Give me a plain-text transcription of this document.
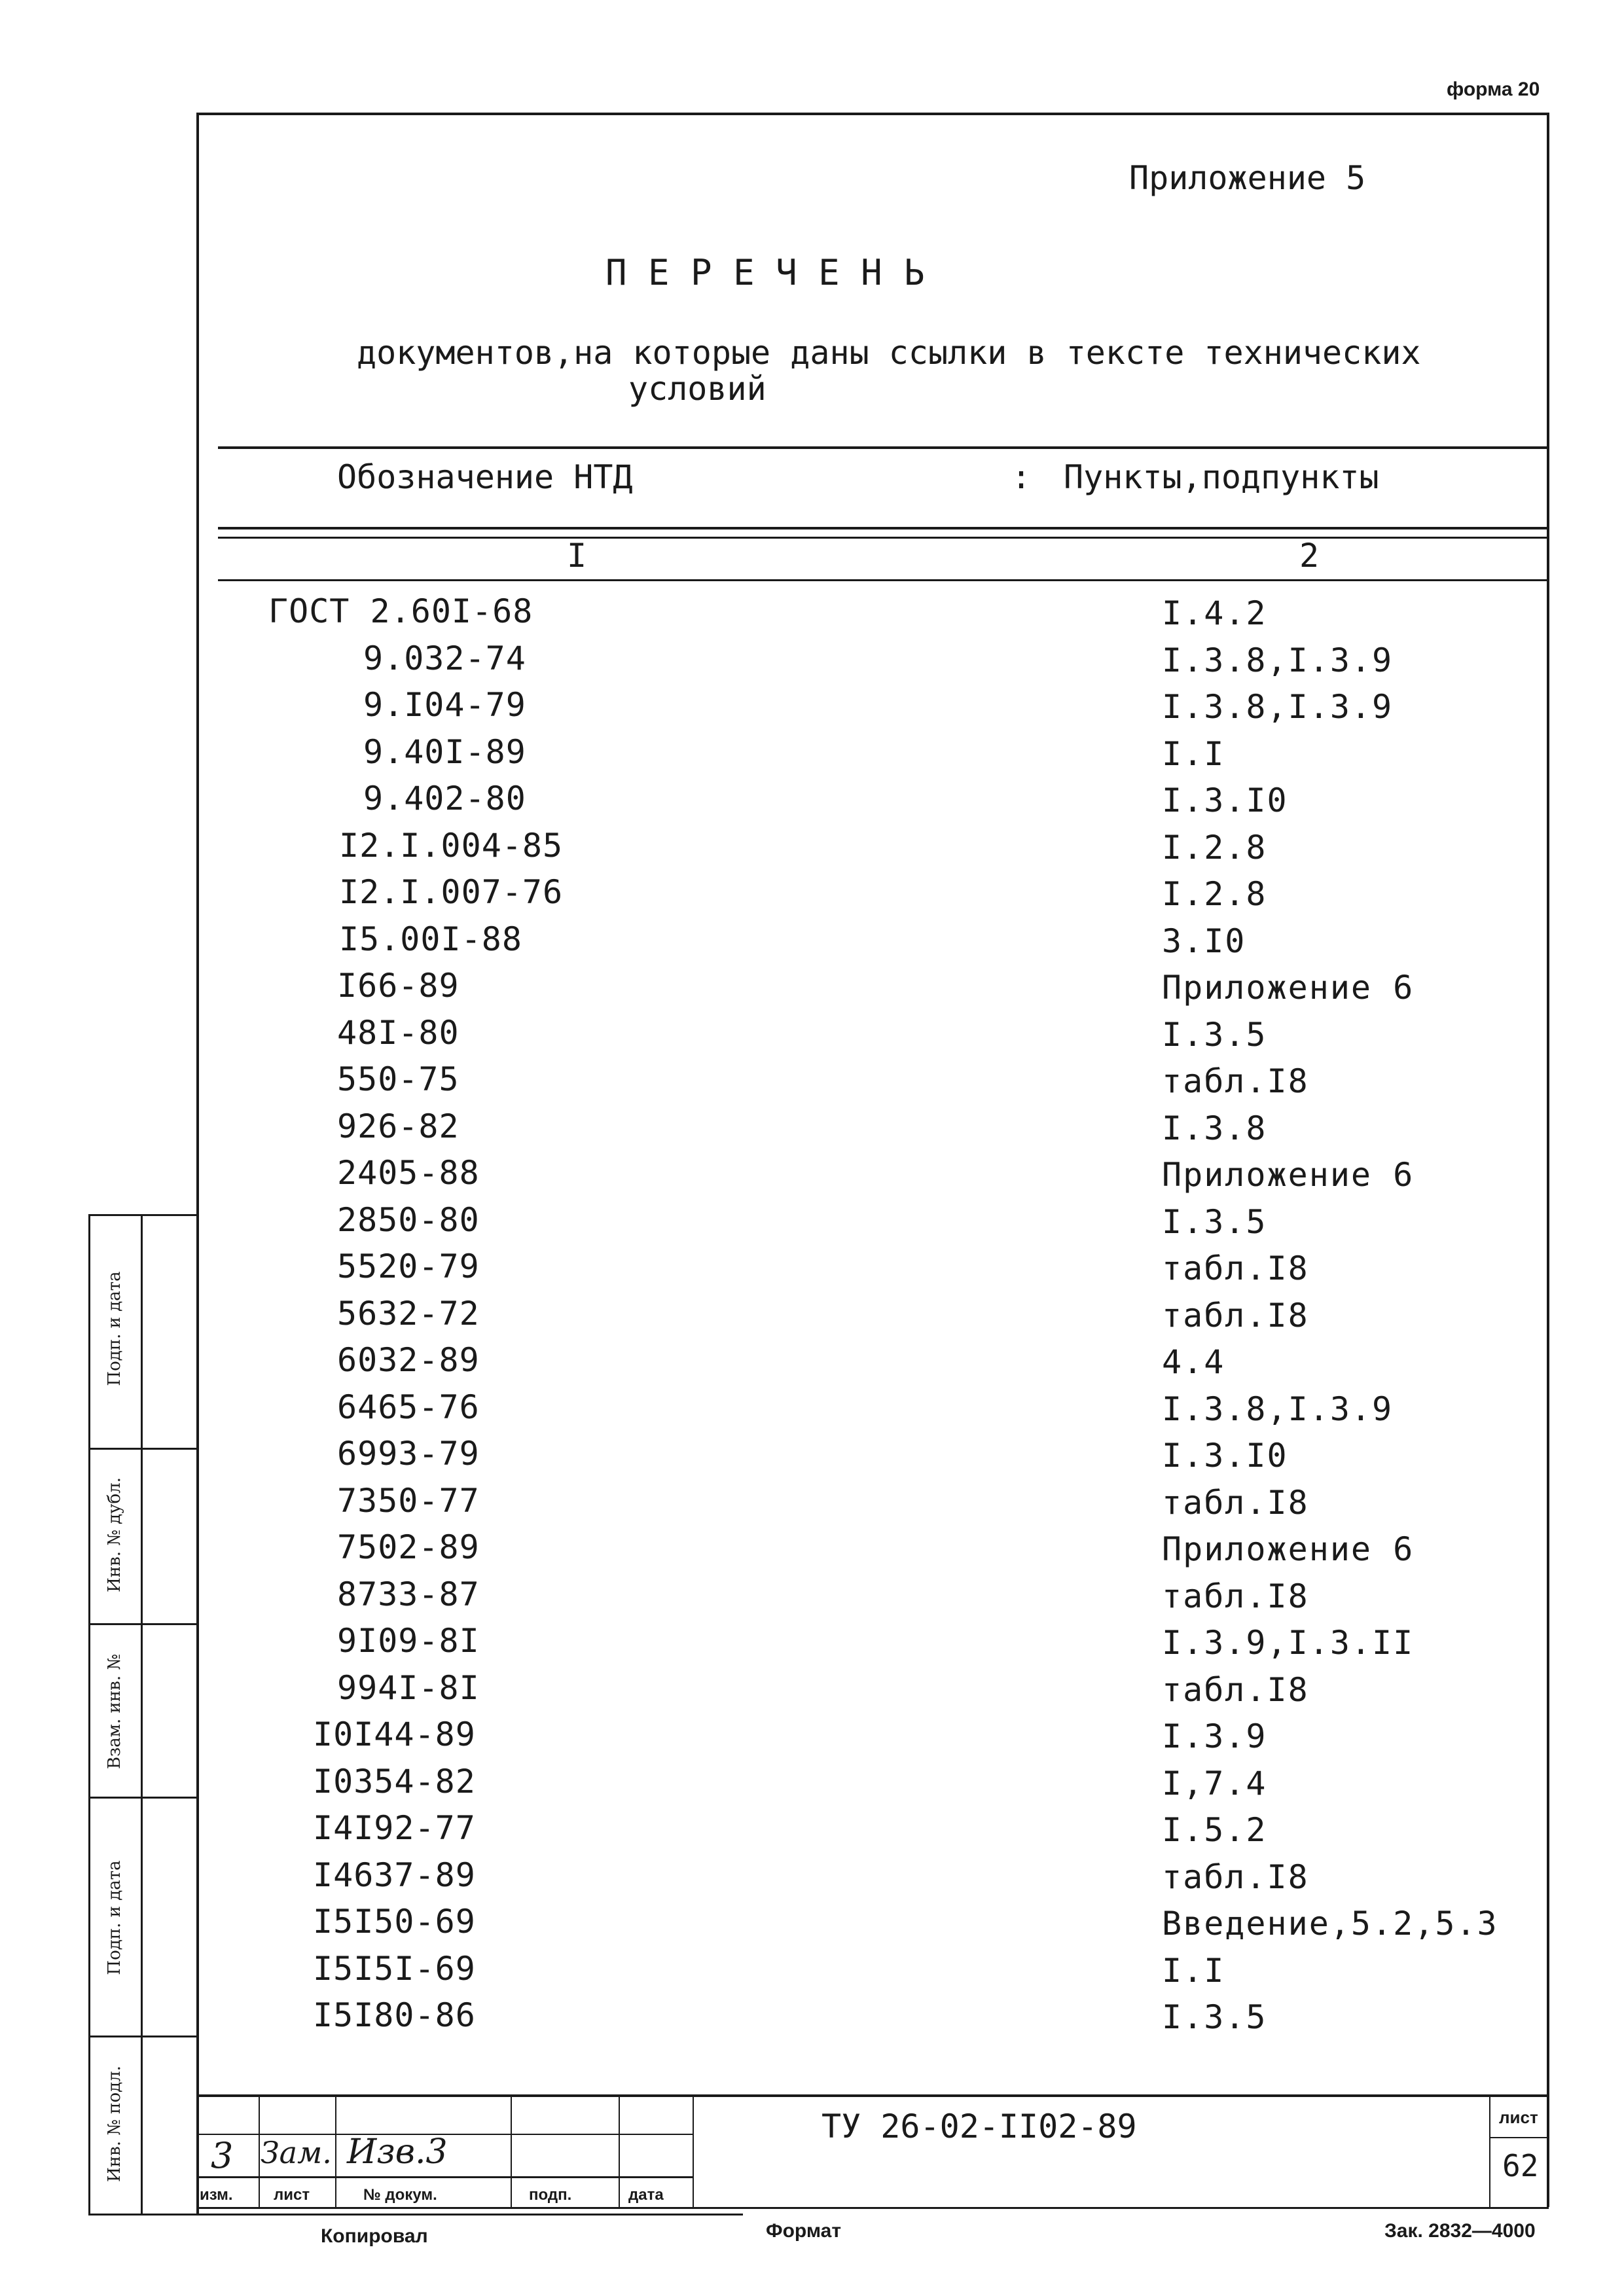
форма 20
Приложение 5
П Е Р Е Ч Е Н Ь
документов,на которые даны ссылки в тексте технических
условий
Обозначение НТД	: Пункты,подпункты
I	2
ГОСТ 2.60I-68	I.4.2
9.032-74	I.3.8,I.3.9
9.I04-79	I.3.8,I.3.9
9.40I-89	I.I
9.402-80	I.3.I0
I2.I.004-85	I.2.8
I2.I.007-76	I.2.8
I5.00I-88	3.I0
I66-89	Приложение 6
48I-80	I.3.5
550-75	табл.I8
926-82	I.3.8
2405-88	Приложение 6
2850-80	I.3.5
5520-79	табл.I8
5632-72	табл.I8
6032-89	4.4
6465-76	I.3.8,I.3.9
6993-79	I.3.I0
7350-77	табл.I8
7502-89	Приложение 6
8733-87	табл.I8
9I09-8I	I.3.9,I.3.II
994I-8I	табл.I8
I0I44-89	I.3.9
I0354-82	I,7.4
I4I92-77	I.5.2
I4637-89	табл.I8
I5I50-69	Введение,5.2,5.3
I5I5I-69	I.I
I5I80-86	I.3.5
Подп. и дата
Инв. № дубл.
Взам. инв. №
Подп. и дата
Инв. № подл. 3 Зам. Изв.3
изм.	лист	№ докум.	подп.	дата
ТУ 26-02-II02-89	лист
62
Копировал	Формат	Зак. 2832—4000
